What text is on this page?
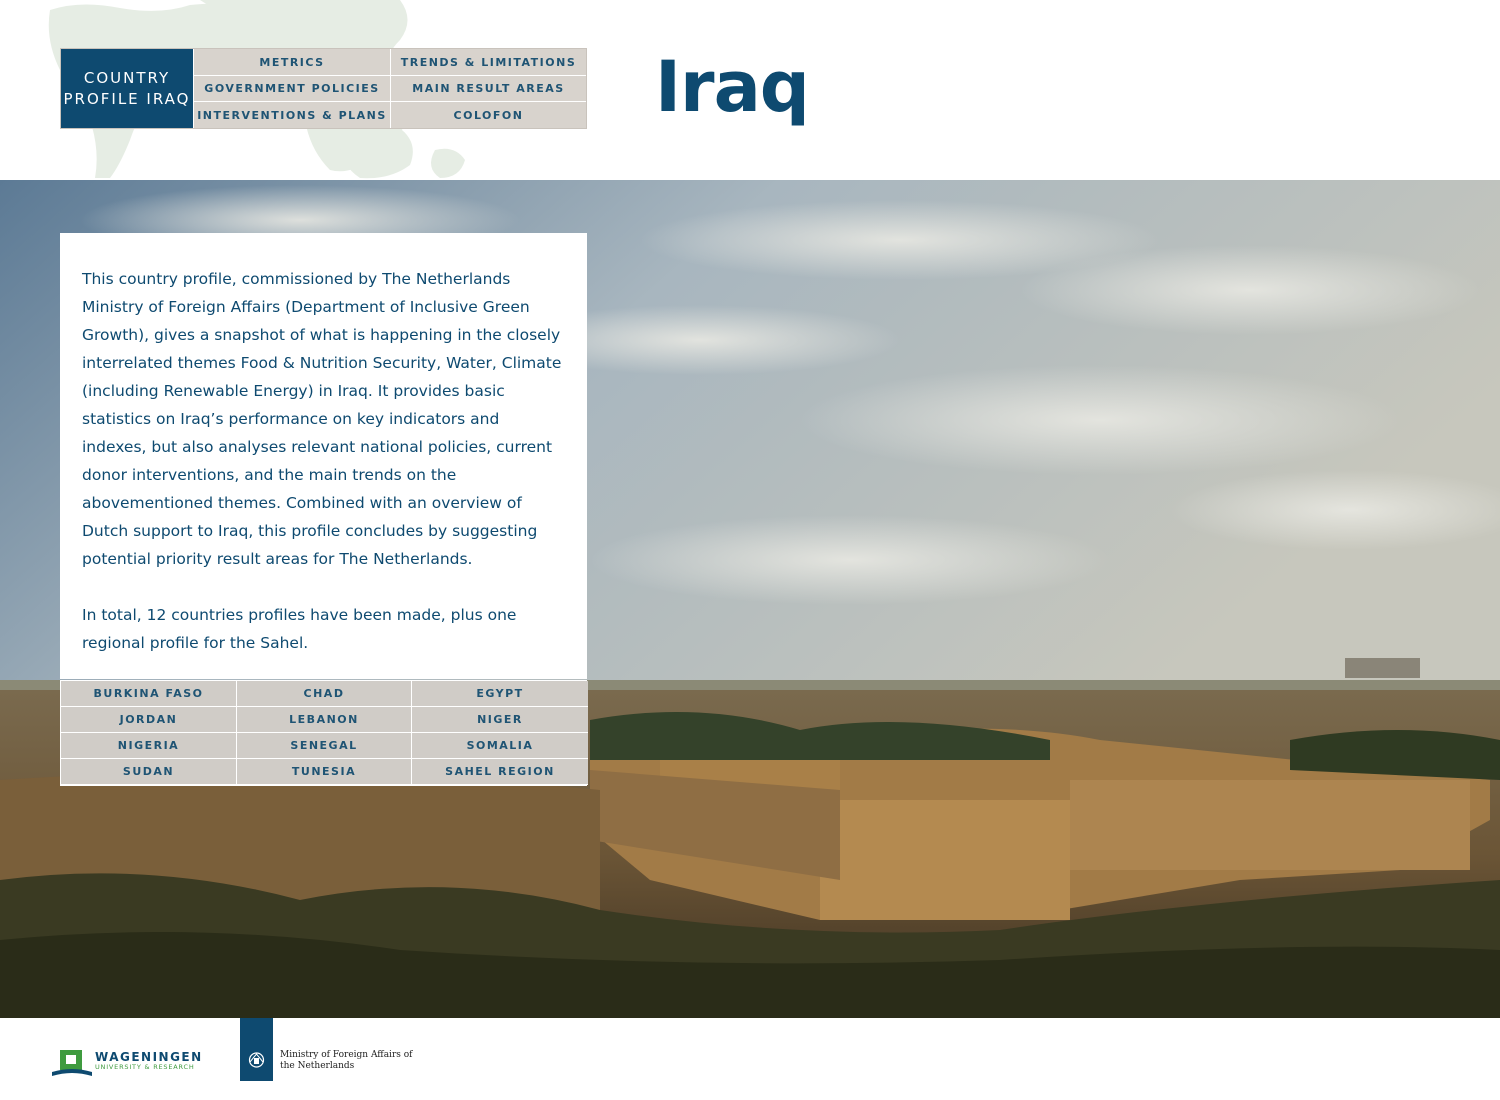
COUNTRY PROFILE IRAQ
METRICS	TRENDS & LIMITATIONS
GOVERNMENT POLICIES	MAIN RESULT AREAS
INTERVENTIONS & PLANS	COLOFON	Iraq

This country profile, commissioned by The Netherlands Ministry of Foreign Affairs (Department of Inclusive Green Growth), gives a snapshot of what is happening in the closely interrelated themes Food & Nutrition Security, Water, Climate (including Renewable Energy) in Iraq. It provides basic statistics on Iraq’s performance on key indicators and indexes, but also analyses relevant national policies, current donor interventions, and the main trends on the abovementioned themes. Combined with an overview of Dutch support to Iraq, this profile concludes by suggesting potential priority result areas for The Netherlands.

In total, 12 countries profiles have been made, plus one regional profile for the Sahel.

BURKINA FASO	CHAD	EGYPT
JORDAN	LEBANON	NIGER
NIGERIA	SENEGAL	SOMALIA
SUDAN	TUNESIA	SAHEL REGION
WAGENINGEN
UNIVERSITY & RESEARCH
Ministry of Foreign Affairs of the Netherlands
